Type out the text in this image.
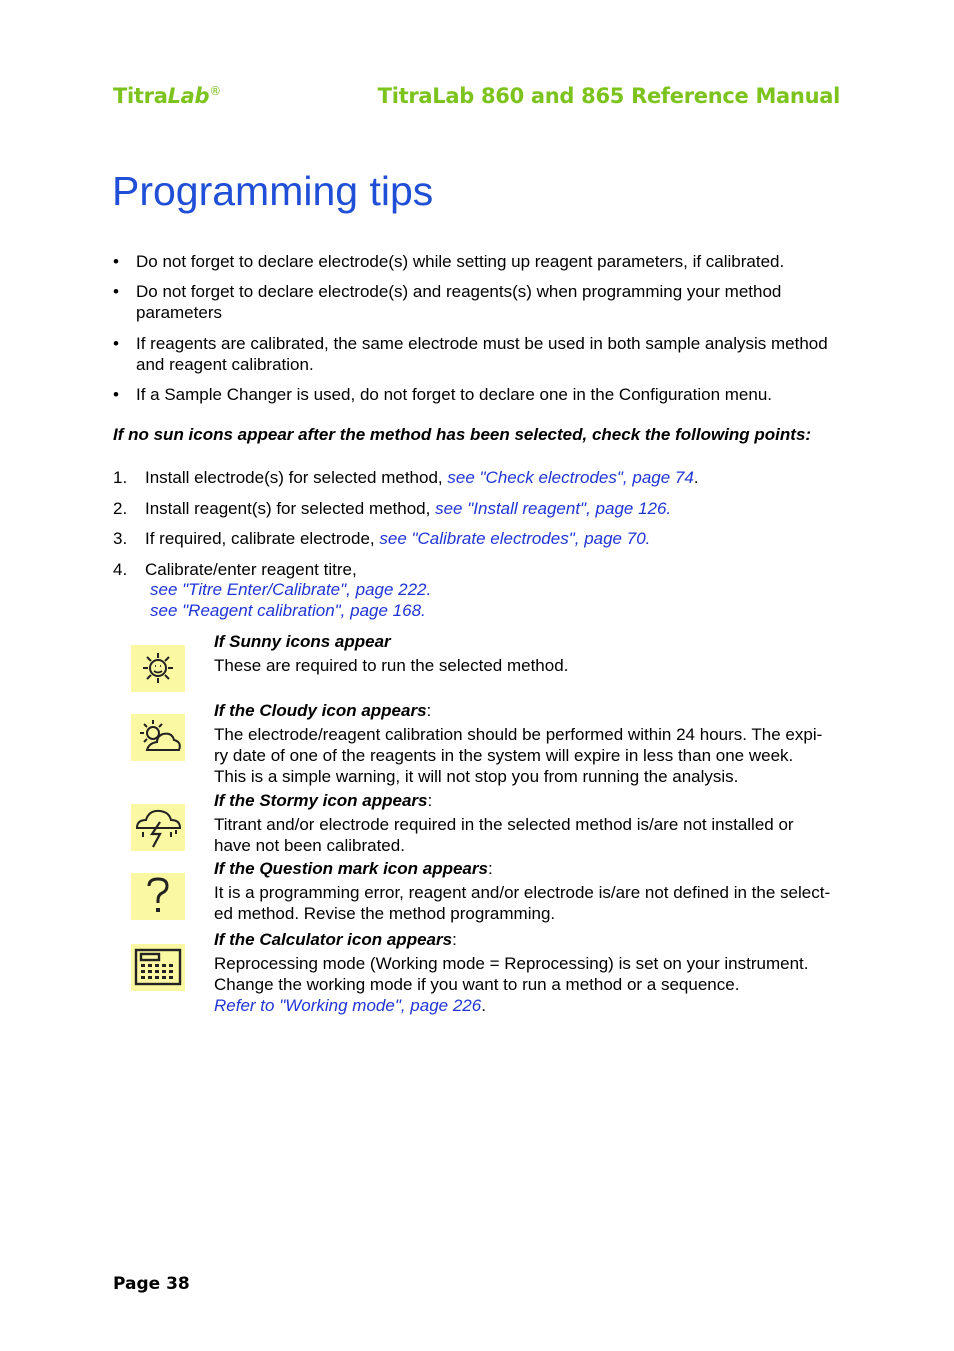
TitraLab®	TitraLab 860 and 865 Reference Manual
Programming tips
• Do not forget to declare electrode(s) while setting up reagent parameters, if calibrated.
• Do not forget to declare electrode(s) and reagents(s) when programming your method parameters
• If reagents are calibrated, the same electrode must be used in both sample analysis method and reagent calibration.
• If a Sample Changer is used, do not forget to declare one in the Configuration menu.
If no sun icons appear after the method has been selected, check the following points:
1. Install electrode(s) for selected method, see "Check electrodes", page 74.
2. Install reagent(s) for selected method, see "Install reagent", page 126.
3. If required, calibrate electrode, see "Calibrate electrodes", page 70.
4. Calibrate/enter reagent titre,
see "Titre Enter/Calibrate", page 222.
see "Reagent calibration", page 168.
If Sunny icons appear
These are required to run the selected method.
If the Cloudy icon appears:
The electrode/reagent calibration should be performed within 24 hours. The expi-
ry date of one of the reagents in the system will expire in less than one week.
This is a simple warning, it will not stop you from running the analysis.
If the Stormy icon appears:
Titrant and/or electrode required in the selected method is/are not installed or
have not been calibrated.
If the Question mark icon appears:
It is a programming error, reagent and/or electrode is/are not defined in the select-
ed method. Revise the method programming.
If the Calculator icon appears:
Reprocessing mode (Working mode = Reprocessing) is set on your instrument.
Change the working mode if you want to run a method or a sequence.
Refer to "Working mode", page 226.
Page 38
